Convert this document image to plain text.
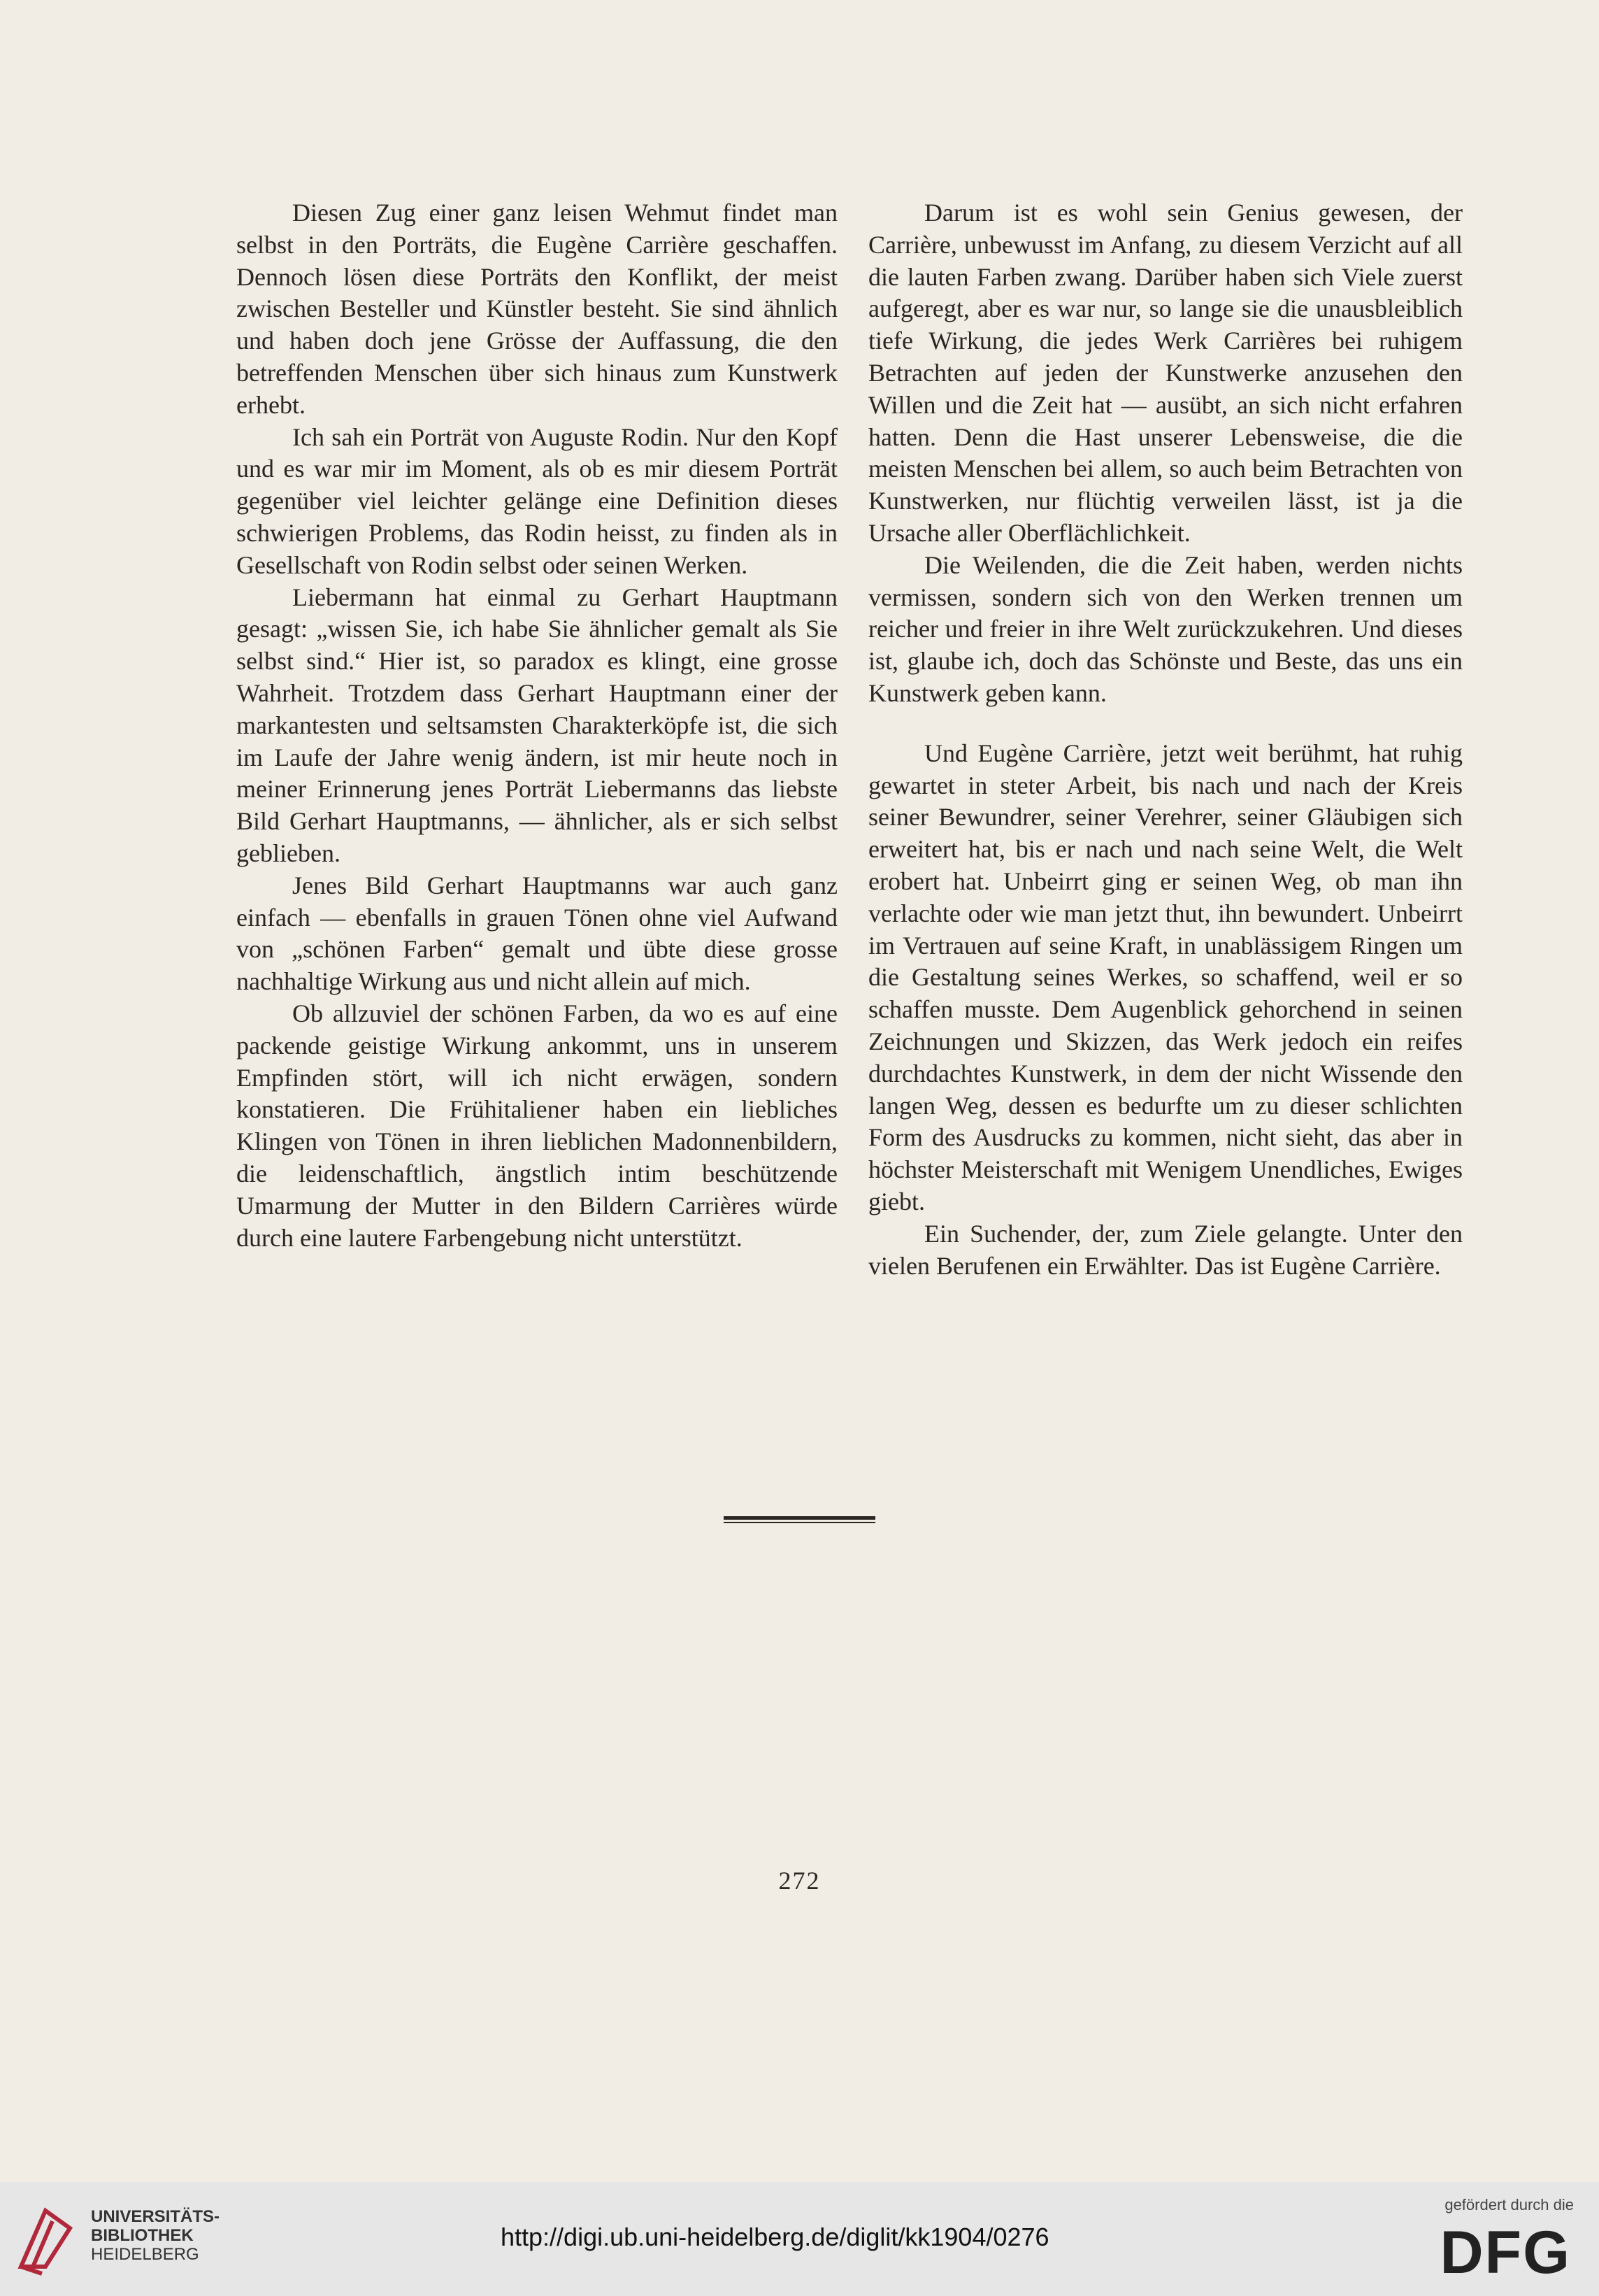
Diesen Zug einer ganz leisen Wehmut findet man selbst in den Porträts, die Eugène Carrière geschaffen. Dennoch lösen diese Porträts den Konflikt, der meist zwischen Besteller und Künstler besteht. Sie sind ähnlich und haben doch jene Grösse der Auffassung, die den betreffenden Menschen über sich hinaus zum Kunstwerk erhebt.

Ich sah ein Porträt von Auguste Rodin. Nur den Kopf und es war mir im Moment, als ob es mir diesem Porträt gegenüber viel leichter gelänge eine Definition dieses schwierigen Problems, das Rodin heisst, zu finden als in Gesellschaft von Rodin selbst oder seinen Werken.

Liebermann hat einmal zu Gerhart Hauptmann gesagt: „wissen Sie, ich habe Sie ähnlicher gemalt als Sie selbst sind.“ Hier ist, so paradox es klingt, eine grosse Wahrheit. Trotzdem dass Gerhart Hauptmann einer der markantesten und seltsamsten Charakterköpfe ist, die sich im Laufe der Jahre wenig ändern, ist mir heute noch in meiner Erinnerung jenes Porträt Liebermanns das liebste Bild Gerhart Hauptmanns, — ähnlicher, als er sich selbst geblieben.

Jenes Bild Gerhart Hauptmanns war auch ganz einfach — ebenfalls in grauen Tönen ohne viel Aufwand von „schönen Farben“ gemalt und übte diese grosse nachhaltige Wirkung aus und nicht allein auf mich.

Ob allzuviel der schönen Farben, da wo es auf eine packende geistige Wirkung ankommt, uns in unserem Empfinden stört, will ich nicht erwägen, sondern konstatieren. Die Frühitaliener haben ein liebliches Klingen von Tönen in ihren lieblichen Madonnenbildern, die leidenschaftlich, ängstlich intim beschützende Umarmung der Mutter in den Bildern Carrières würde durch eine lautere Farbengebung nicht unterstützt.

Darum ist es wohl sein Genius gewesen, der Carrière, unbewusst im Anfang, zu diesem Verzicht auf all die lauten Farben zwang. Darüber haben sich Viele zuerst aufgeregt, aber es war nur, so lange sie die unausbleiblich tiefe Wirkung, die jedes Werk Carrières bei ruhigem Betrachten auf jeden der Kunstwerke anzusehen den Willen und die Zeit hat — ausübt, an sich nicht erfahren hatten. Denn die Hast unserer Lebensweise, die die meisten Menschen bei allem, so auch beim Betrachten von Kunstwerken, nur flüchtig verweilen lässt, ist ja die Ursache aller Oberflächlichkeit.

Die Weilenden, die die Zeit haben, werden nichts vermissen, sondern sich von den Werken trennen um reicher und freier in ihre Welt zurückzukehren. Und dieses ist, glaube ich, doch das Schönste und Beste, das uns ein Kunstwerk geben kann.

Und Eugène Carrière, jetzt weit berühmt, hat ruhig gewartet in steter Arbeit, bis nach und nach der Kreis seiner Bewundrer, seiner Verehrer, seiner Gläubigen sich erweitert hat, bis er nach und nach seine Welt, die Welt erobert hat. Unbeirrt ging er seinen Weg, ob man ihn verlachte oder wie man jetzt thut, ihn bewundert. Unbeirrt im Vertrauen auf seine Kraft, in unablässigem Ringen um die Gestaltung seines Werkes, so schaffend, weil er so schaffen musste. Dem Augenblick gehorchend in seinen Zeichnungen und Skizzen, das Werk jedoch ein reifes durchdachtes Kunstwerk, in dem der nicht Wissende den langen Weg, dessen es bedurfte um zu dieser schlichten Form des Ausdrucks zu kommen, nicht sieht, das aber in höchster Meisterschaft mit Wenigem Unendliches, Ewiges giebt.

Ein Suchender, der, zum Ziele gelangte. Unter den vielen Berufenen ein Erwählter. Das ist Eugène Carrière.

272
UNIVERSITÄTS-
BIBLIOTHEK
HEIDELBERG
http://digi.ub.uni-heidelberg.de/diglit/kk1904/0276
gefördert durch die
DFG
